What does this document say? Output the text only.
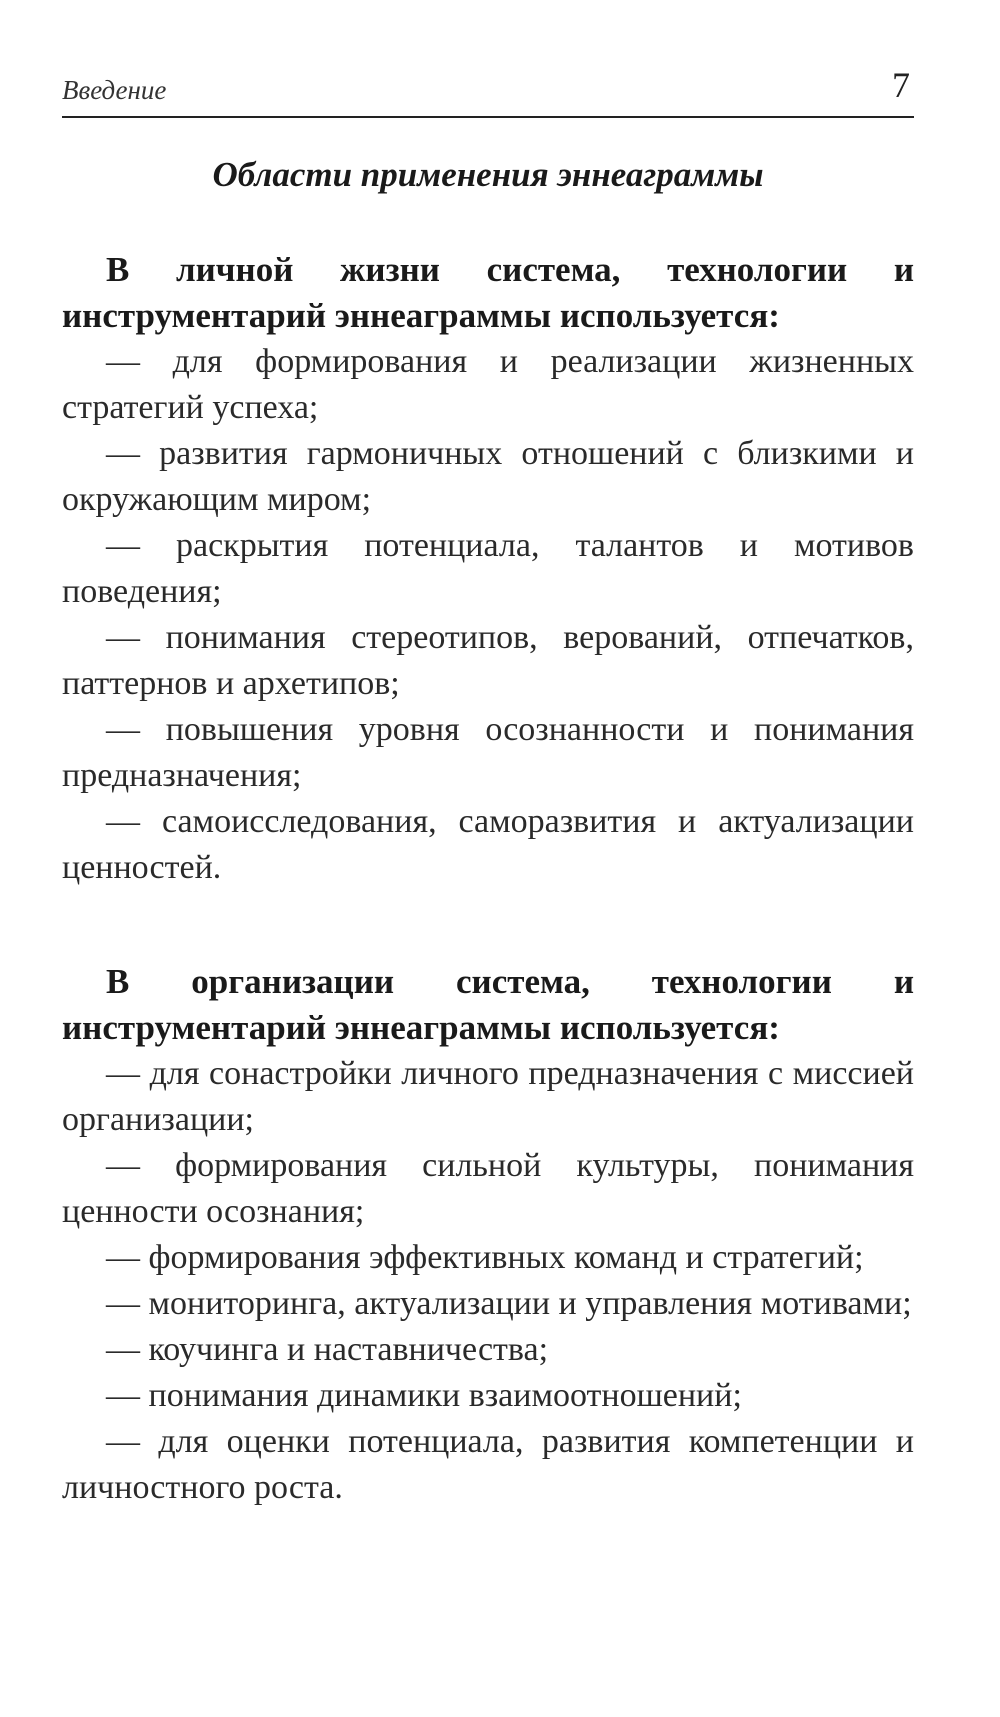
Введение	7
Области применения эннеаграммы

В личной жизни система, технологии и инструментарий эннеаграммы используется:

— для формирования и реализации жизненных стратегий успеха;

— развития гармоничных отношений с близкими и окружающим миром;

— раскрытия потенциала, талантов и мотивов поведения;

— понимания стереотипов, верований, отпечатков, паттернов и архетипов;

— повышения уровня осознанности и понимания предназначения;

— самоисследования, саморазвития и актуализации ценностей.

В организации система, технологии и инструментарий эннеаграммы используется:

— для сонастройки личного предназначения с миссией организации;

— формирования сильной культуры, понимания ценности осознания;

— формирования эффективных команд и стратегий;

— мониторинга, актуализации и управления мотивами;

— коучинга и наставничества;

— понимания динамики взаимоотношений;

— для оценки потенциала, развития компетенции и личностного роста.
